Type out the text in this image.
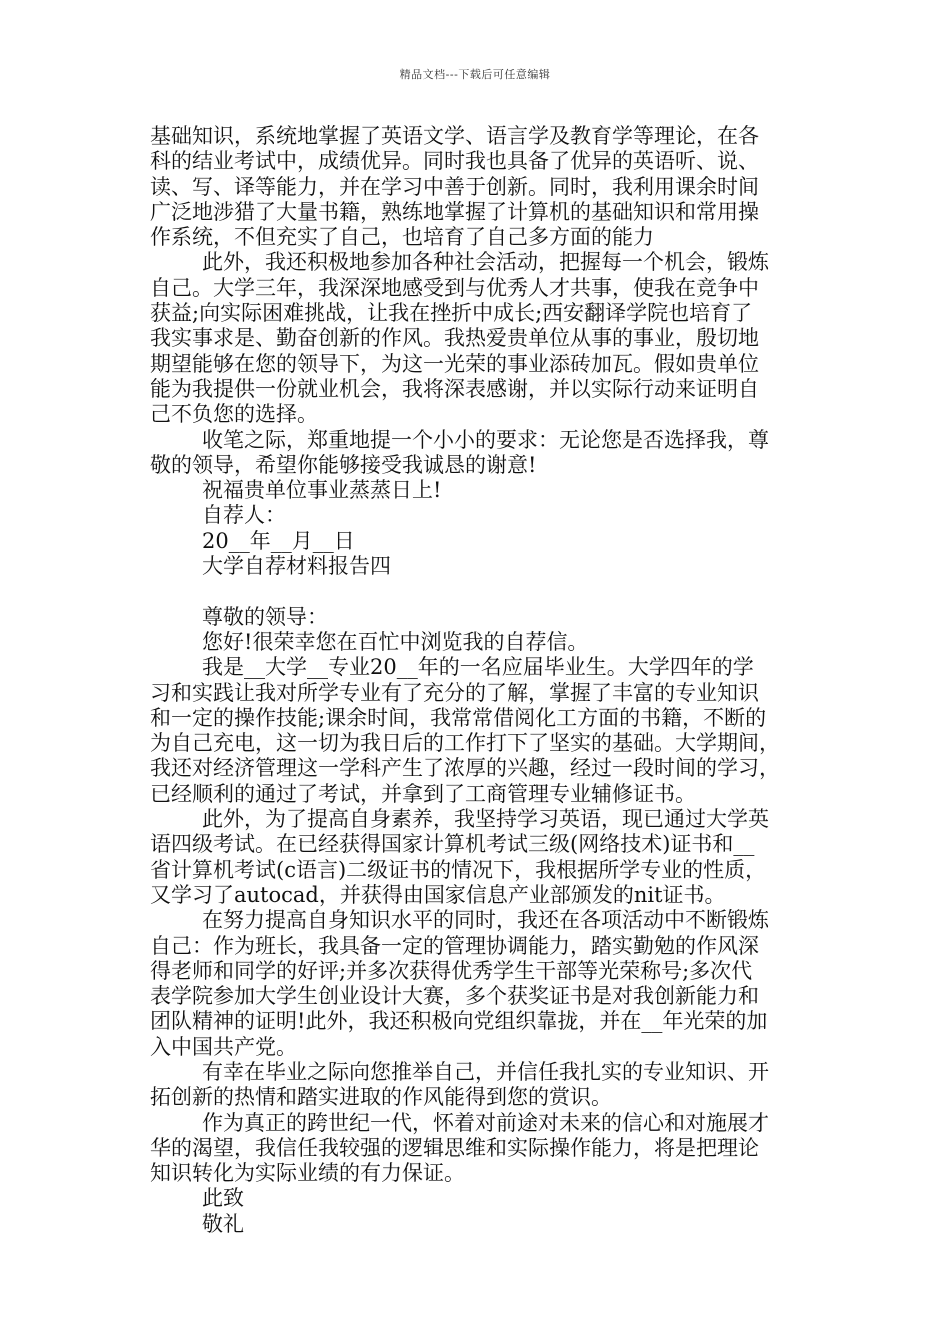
精品文档---下载后可任意编辑
基础知识，系统地掌握了英语文学、语言学及教育学等理论，在各
科的结业考试中，成绩优异。同时我也具备了优异的英语听、说、
读、写、译等能力，并在学习中善于创新。同时，我利用课余时间
广泛地涉猎了大量书籍，熟练地掌握了计算机的基础知识和常用操
作系统，不但充实了自己，也培育了自己多方面的能力
此外，我还积极地参加各种社会活动，把握每一个机会，锻炼
自己。大学三年，我深深地感受到与优秀人才共事，使我在竞争中
获益;向实际困难挑战，让我在挫折中成长;西安翻译学院也培育了
我实事求是、勤奋创新的作风。我热爱贵单位从事的事业，殷切地
期望能够在您的领导下，为这一光荣的事业添砖加瓦。假如贵单位
能为我提供一份就业机会，我将深表感谢，并以实际行动来证明自
己不负您的选择。
收笔之际，郑重地提一个小小的要求：无论您是否选择我，尊
敬的领导，希望你能够接受我诚恳的谢意!
祝福贵单位事业蒸蒸日上!
自荐人：
20__年__月__日
大学自荐材料报告四
尊敬的领导：
您好!很荣幸您在百忙中浏览我的自荐信。
我是__大学__专业20__年的一名应届毕业生。大学四年的学
习和实践让我对所学专业有了充分的了解，掌握了丰富的专业知识
和一定的操作技能;课余时间，我常常借阅化工方面的书籍，不断的
为自己充电，这一切为我日后的工作打下了坚实的基础。大学期间，
我还对经济管理这一学科产生了浓厚的兴趣，经过一段时间的学习，
已经顺利的通过了考试，并拿到了工商管理专业辅修证书。
此外，为了提高自身素养，我坚持学习英语，现已通过大学英
语四级考试。在已经获得国家计算机考试三级(网络技术)证书和__
省计算机考试(c语言)二级证书的情况下，我根据所学专业的性质，
又学习了autocad，并获得由国家信息产业部颁发的nit证书。
在努力提高自身知识水平的同时，我还在各项活动中不断锻炼
自己：作为班长，我具备一定的管理协调能力，踏实勤勉的作风深
得老师和同学的好评;并多次获得优秀学生干部等光荣称号;多次代
表学院参加大学生创业设计大赛，多个获奖证书是对我创新能力和
团队精神的证明!此外，我还积极向党组织靠拢，并在__年光荣的加
入中国共产党。
有幸在毕业之际向您推举自己，并信任我扎实的专业知识、开
拓创新的热情和踏实进取的作风能得到您的赏识。
作为真正的跨世纪一代，怀着对前途对未来的信心和对施展才
华的渴望，我信任我较强的逻辑思维和实际操作能力，将是把理论
知识转化为实际业绩的有力保证。
此致
敬礼
